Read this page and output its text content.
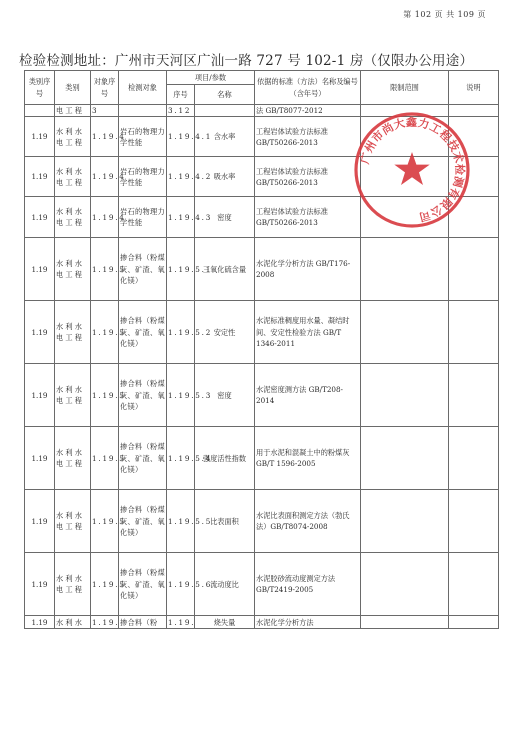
第 102 页 共 109 页
检验检测地址：广州市天河区广汕一路 727 号 102-1 房（仅限办公用途）
类别序号	类别	对象序号	检测对象	项目/参数		依据的标准（方法）名称及编号（含年号）	限制范围	说明
				序号	名称			
	电工程	3		3.12		法 GB/T8077-2012		
1.19	水利水电工程	1.19.4	岩石的物理力学性能	1.19.4.1	含水率	工程岩体试验方法标准 GB/T50266-2013		
1.19	水利水电工程	1.19.4	岩石的物理力学性能	1.19.4.2	吸水率	工程岩体试验方法标准 GB/T50266-2013		
1.19	水利水电工程	1.19.4	岩石的物理力学性能	1.19.4.3	密度	工程岩体试验方法标准 GB/T50266-2013		
1.19	水利水电工程	1.19.5	掺合料（粉煤灰、矿渣、氧化镁）	1.19.5.1	三氧化硫含量	水泥化学分析方法 GB/T176-2008		
1.19	水利水电工程	1.19.5	掺合料（粉煤灰、矿渣、氧化镁）	1.19.5.2	安定性	水泥标准稠度用水量、凝结时间、安定性检验方法 GB/T 1346-2011		
1.19	水利水电工程	1.19.5	掺合料（粉煤灰、矿渣、氧化镁）	1.19.5.3	密度	水泥密度测方法 GB/T208-2014		
1.19	水利水电工程	1.19.5	掺合料（粉煤灰、矿渣、氧化镁）	1.19.5.4	强度活性指数	用于水泥和混凝土中的粉煤灰 GB/T 1596-2005		
1.19	水利水电工程	1.19.5	掺合料（粉煤灰、矿渣、氧化镁）	1.19.5.5	比表面积	水泥比表面积测定方法（勃氏法）GB/T8074-2008		
1.19	水利水电工程	1.19.5	掺合料（粉煤灰、矿渣、氧化镁）	1.19.5.6	流动度比	水泥胶砂流动度测定方法 GB/T2419-2005		
1.19	水利水	1.19.	掺合料（粉	1.19.	烧失量	水泥化学分析方法		
广州市尚大鑫力工程技术检测有限公司
